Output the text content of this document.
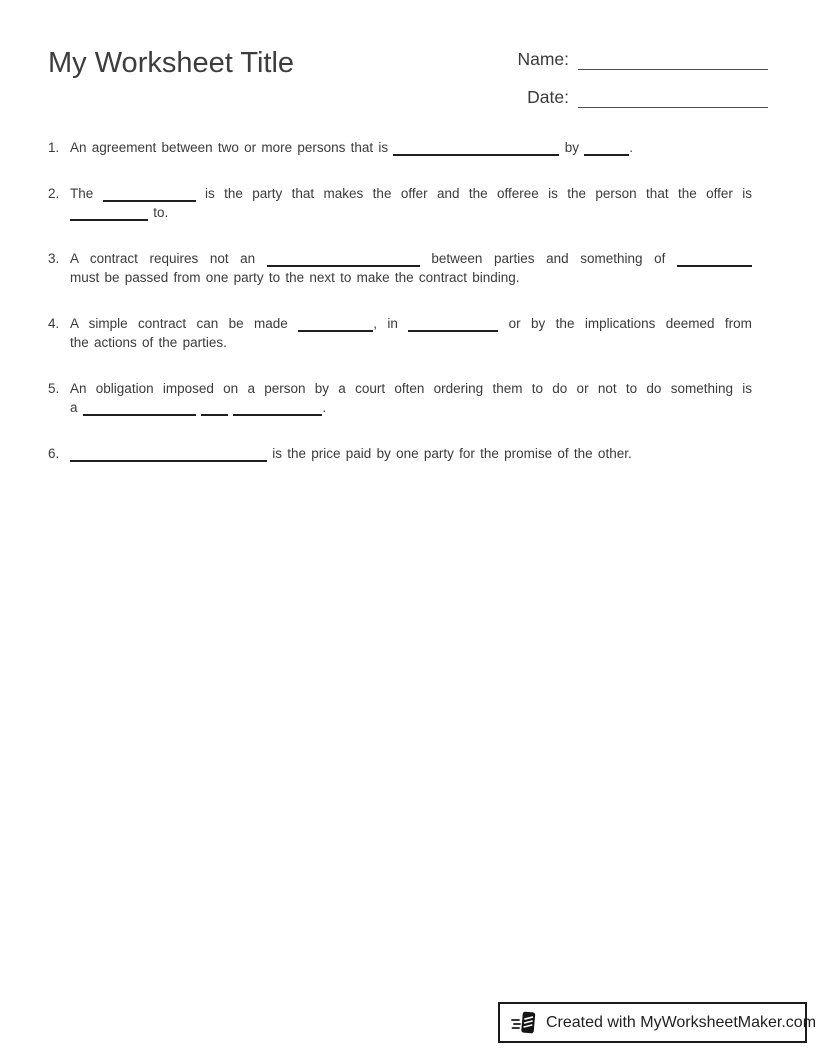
My Worksheet Title	Name:
Date:
1. An agreement between two or more persons that is	by	.
2. The	is the party that makes the offer and the offeree is the person that the offer is
to.
3. A contract requires not an	between parties and something of
must be passed from one party to the next to make the contract binding.
4. A simple contract can be made	, in	or by the implications deemed from
the actions of the parties.
5. An obligation imposed on a person by a court often ordering them to do or not to do something is
a	.
6.	is the price paid by one party for the promise of the other.
Created with MyWorksheetMaker.com
